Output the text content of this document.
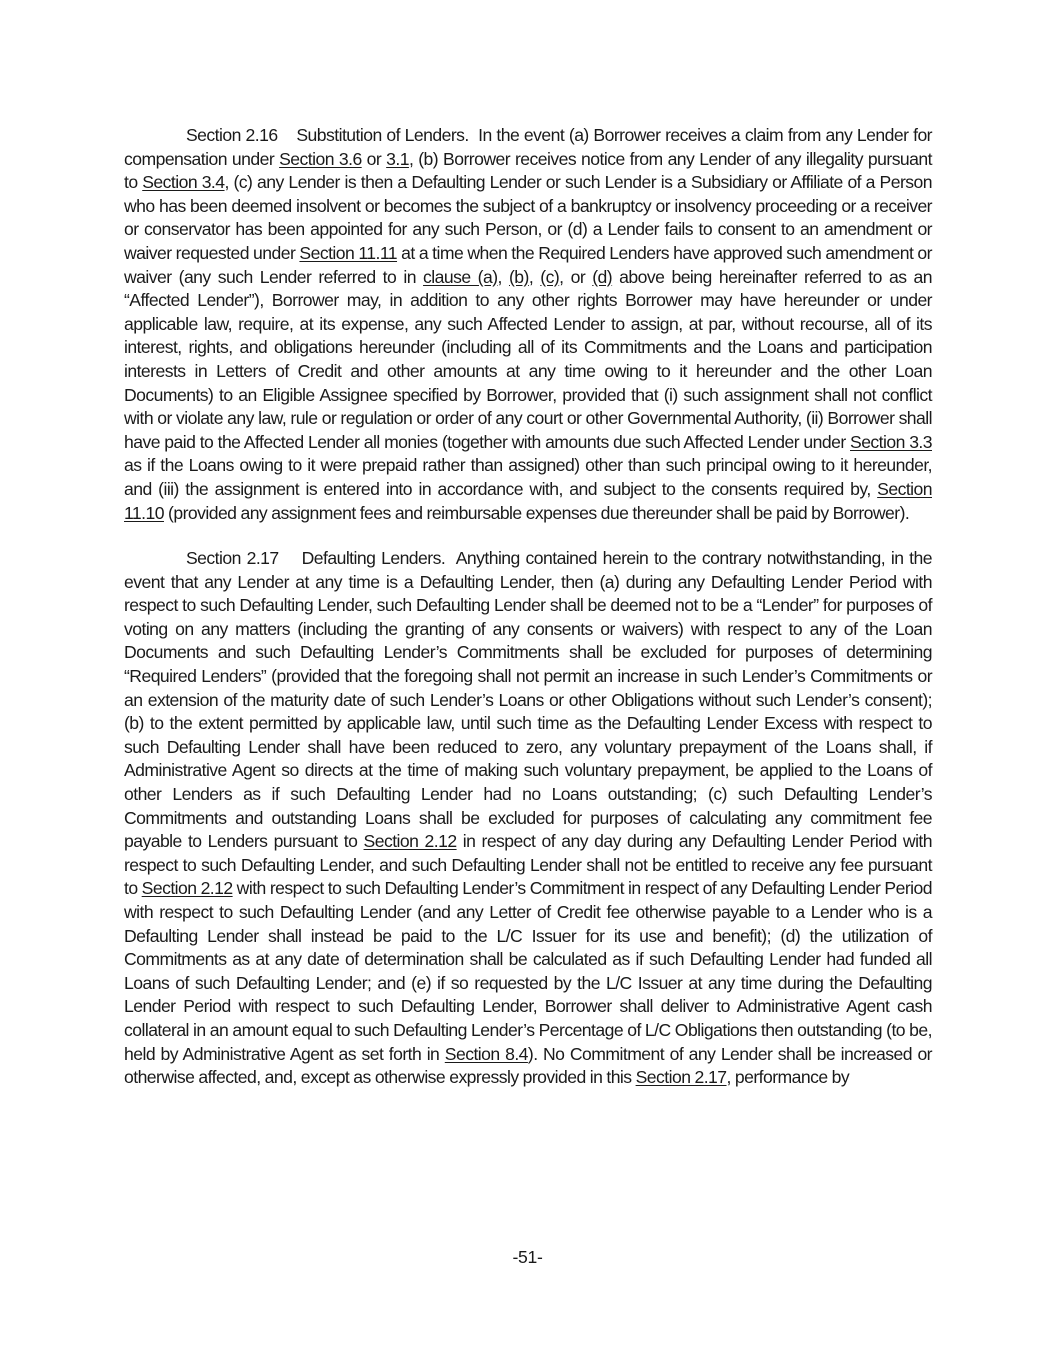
Section 2.16 Substitution of Lenders. In the event (a) Borrower receives a claim from any Lender for compensation under Section 3.6 or 3.1, (b) Borrower receives notice from any Lender of any illegality pursuant to Section 3.4, (c) any Lender is then a Defaulting Lender or such Lender is a Subsidiary or Affiliate of a Person who has been deemed insolvent or becomes the subject of a bankruptcy or insolvency proceeding or a receiver or conservator has been appointed for any such Person, or (d) a Lender fails to consent to an amendment or waiver requested under Section 11.11 at a time when the Required Lenders have approved such amendment or waiver (any such Lender referred to in clause (a), (b), (c), or (d) above being hereinafter referred to as an “Affected Lender”), Borrower may, in addition to any other rights Borrower may have hereunder or under applicable law, require, at its expense, any such Affected Lender to assign, at par, without recourse, all of its interest, rights, and obligations hereunder (including all of its Commitments and the Loans and participation interests in Letters of Credit and other amounts at any time owing to it hereunder and the other Loan Documents) to an Eligible Assignee specified by Borrower, provided that (i) such assignment shall not conflict with or violate any law, rule or regulation or order of any court or other Governmental Authority, (ii) Borrower shall have paid to the Affected Lender all monies (together with amounts due such Affected Lender under Section 3.3 as if the Loans owing to it were prepaid rather than assigned) other than such principal owing to it hereunder, and (iii) the assignment is entered into in accordance with, and subject to the consents required by, Section 11.10 (provided any assignment fees and reimbursable expenses due thereunder shall be paid by Borrower).

Section 2.17 Defaulting Lenders. Anything contained herein to the contrary notwithstanding, in the event that any Lender at any time is a Defaulting Lender, then (a) during any Defaulting Lender Period with respect to such Defaulting Lender, such Defaulting Lender shall be deemed not to be a “Lender” for purposes of voting on any matters (including the granting of any consents or waivers) with respect to any of the Loan Documents and such Defaulting Lender’s Commitments shall be excluded for purposes of determining “Required Lenders” (provided that the foregoing shall not permit an increase in such Lender’s Commitments or an extension of the maturity date of such Lender’s Loans or other Obligations without such Lender’s consent); (b) to the extent permitted by applicable law, until such time as the Defaulting Lender Excess with respect to such Defaulting Lender shall have been reduced to zero, any voluntary prepayment of the Loans shall, if Administrative Agent so directs at the time of making such voluntary prepayment, be applied to the Loans of other Lenders as if such Defaulting Lender had no Loans outstanding; (c) such Defaulting Lender’s Commitments and outstanding Loans shall be excluded for purposes of calculating any commitment fee payable to Lenders pursuant to Section 2.12 in respect of any day during any Defaulting Lender Period with respect to such Defaulting Lender, and such Defaulting Lender shall not be entitled to receive any fee pursuant to Section 2.12 with respect to such Defaulting Lender’s Commitment in respect of any Defaulting Lender Period with respect to such Defaulting Lender (and any Letter of Credit fee otherwise payable to a Lender who is a Defaulting Lender shall instead be paid to the L/C Issuer for its use and benefit); (d) the utilization of Commitments as at any date of determination shall be calculated as if such Defaulting Lender had funded all Loans of such Defaulting Lender; and (e) if so requested by the L/C Issuer at any time during the Defaulting Lender Period with respect to such Defaulting Lender, Borrower shall deliver to Administrative Agent cash collateral in an amount equal to such Defaulting Lender’s Percentage of L/C Obligations then outstanding (to be, held by Administrative Agent as set forth in Section 8.4). No Commitment of any Lender shall be increased or otherwise affected, and, except as otherwise expressly provided in this Section 2.17, performance by

-51-
